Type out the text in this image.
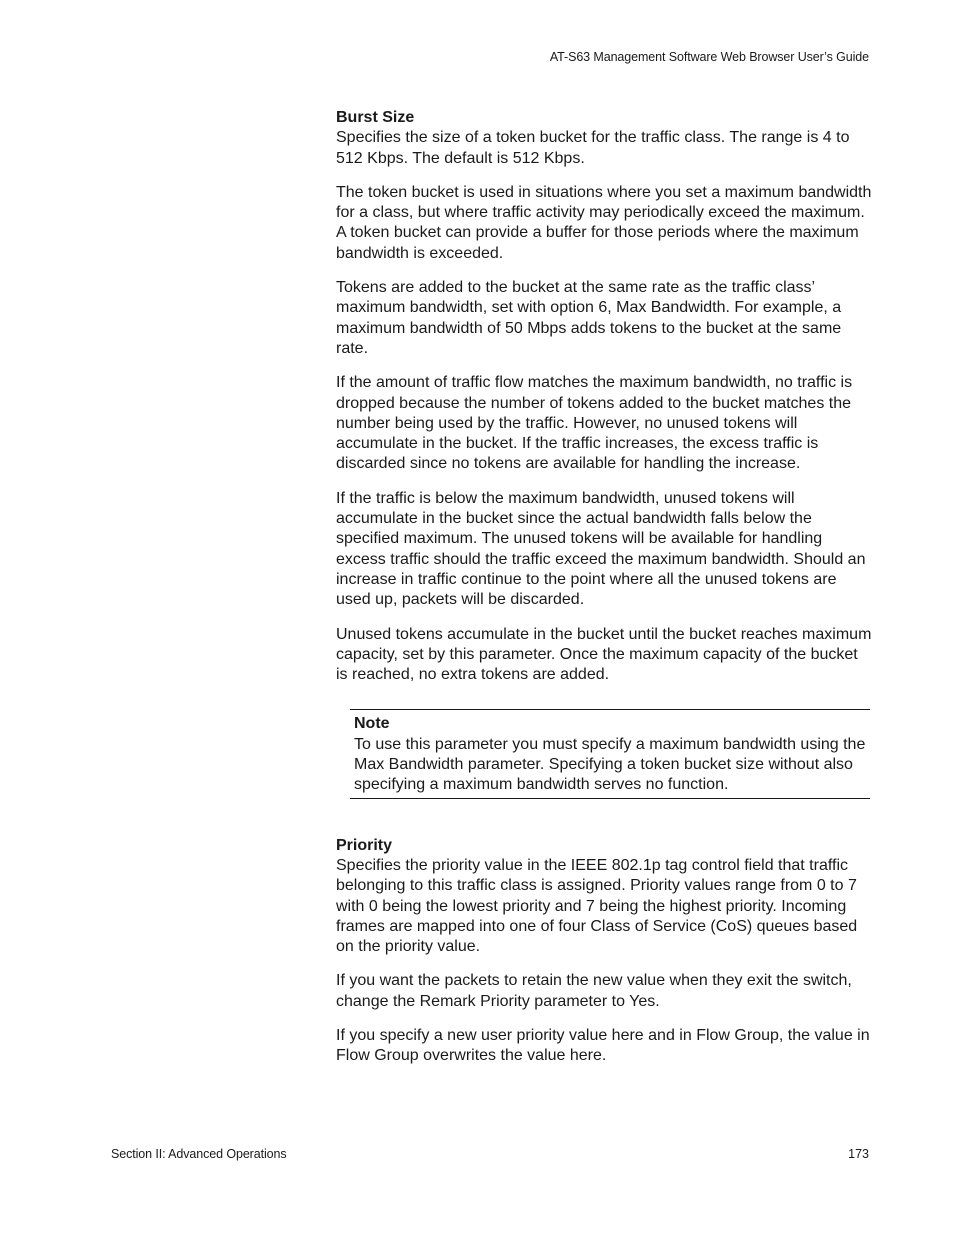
AT-S63 Management Software Web Browser User’s Guide

Burst Size

Specifies the size of a token bucket for the traffic class. The range is 4 to 512 Kbps. The default is 512 Kbps.

The token bucket is used in situations where you set a maximum bandwidth for a class, but where traffic activity may periodically exceed the maximum. A token bucket can provide a buffer for those periods where the maximum bandwidth is exceeded.

Tokens are added to the bucket at the same rate as the traffic class’ maximum bandwidth, set with option 6, Max Bandwidth. For example, a maximum bandwidth of 50 Mbps adds tokens to the bucket at the same rate.

If the amount of traffic flow matches the maximum bandwidth, no traffic is dropped because the number of tokens added to the bucket matches the number being used by the traffic. However, no unused tokens will accumulate in the bucket. If the traffic increases, the excess traffic is discarded since no tokens are available for handling the increase.

If the traffic is below the maximum bandwidth, unused tokens will accumulate in the bucket since the actual bandwidth falls below the specified maximum. The unused tokens will be available for handling excess traffic should the traffic exceed the maximum bandwidth. Should an increase in traffic continue to the point where all the unused tokens are used up, packets will be discarded.

Unused tokens accumulate in the bucket until the bucket reaches maximum capacity, set by this parameter. Once the maximum capacity of the bucket is reached, no extra tokens are added.

Note

To use this parameter you must specify a maximum bandwidth using the Max Bandwidth parameter. Specifying a token bucket size without also specifying a maximum bandwidth serves no function.

Priority

Specifies the priority value in the IEEE 802.1p tag control field that traffic belonging to this traffic class is assigned. Priority values range from 0 to 7 with 0 being the lowest priority and 7 being the highest priority. Incoming frames are mapped into one of four Class of Service (CoS) queues based on the priority value.

If you want the packets to retain the new value when they exit the switch, change the Remark Priority parameter to Yes.

If you specify a new user priority value here and in Flow Group, the value in Flow Group overwrites the value here.

Section II: Advanced Operations	173
